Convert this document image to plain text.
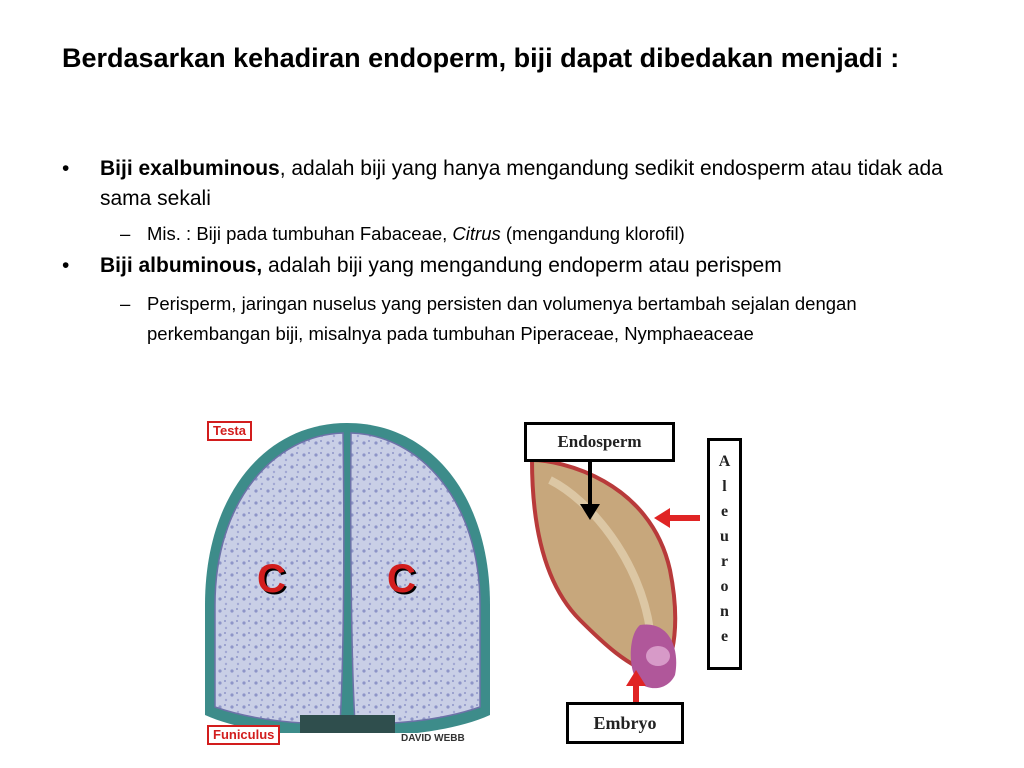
Berdasarkan kehadiran endoperm, biji dapat dibedakan menjadi :
•	Biji exalbuminous, adalah biji yang hanya mengandung sedikit endosperm atau tidak ada sama sekali
– Mis. : Biji pada tumbuhan Fabaceae, Citrus (mengandung klorofil)
•	Biji albuminous, adalah biji yang mengandung endoperm atau perispem
– Perisperm, jaringan nuselus yang persisten dan volumenya bertambah sejalan dengan perkembangan biji, misalnya pada tumbuhan Piperaceae, Nymphaeaceae
Testa
Funiculus
C	C
DAVID WEBB
Endosperm
A
l
e
u
r
o
n
e
Embryo
